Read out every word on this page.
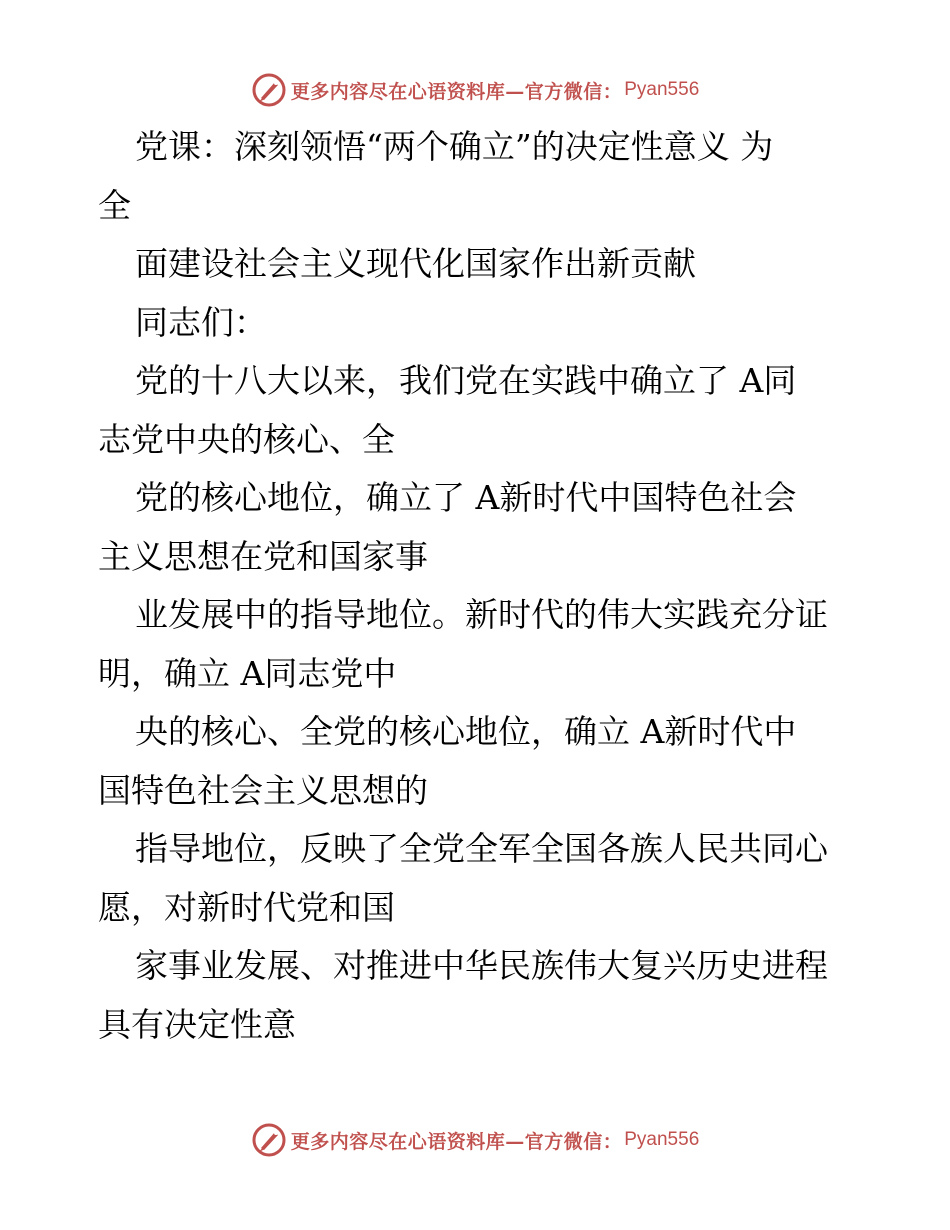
更多内容尽在心语资料库—官方微信： Pyan556
党课：深刻领悟“两个确立”的决定性意义 为
全
面建设社会主义现代化国家作出新贡献
同志们：
党的十八大以来，我们党在实践中确立了 A同
志党中央的核心、全
党的核心地位，确立了 A新时代中国特色社会
主义思想在党和国家事
业发展中的指导地位。新时代的伟大实践充分证
明，确立 A同志党中
央的核心、全党的核心地位，确立 A新时代中
国特色社会主义思想的
指导地位，反映了全党全军全国各族人民共同心
愿，对新时代党和国
家事业发展、对推进中华民族伟大复兴历史进程
具有决定性意
更多内容尽在心语资料库—官方微信： Pyan556
